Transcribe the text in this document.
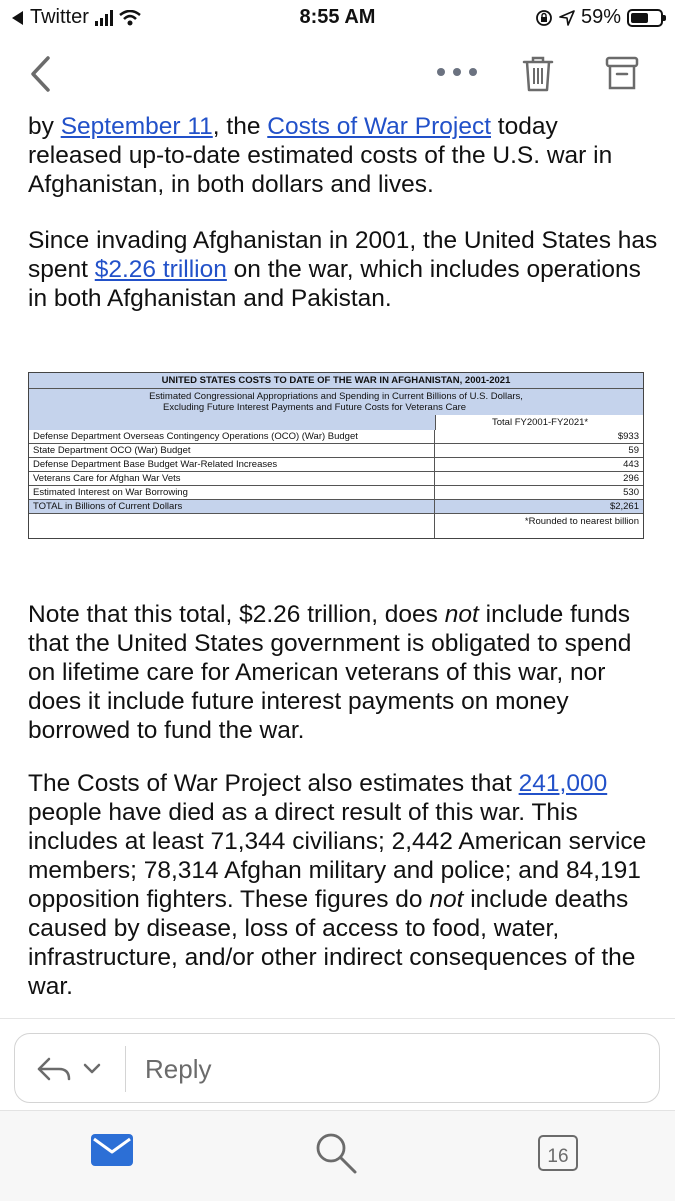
Twitter	8:55 AM	59%

by September 11, the Costs of War Project today released up-to-date estimated costs of the U.S. war in Afghanistan, in both dollars and lives.

Since invading Afghanistan in 2001, the United States has spent $2.26 trillion on the war, which includes operations in both Afghanistan and Pakistan.

UNITED STATES COSTS TO DATE OF THE WAR IN AFGHANISTAN, 2001-2021
Estimated Congressional Appropriations and Spending in Current Billions of U.S. Dollars,
Excluding Future Interest Payments and Future Costs for Veterans Care
Total FY2001-FY2021*
Defense Department Overseas Contingency Operations (OCO) (War) Budget	$933
State Department OCO (War) Budget	59
Defense Department Base Budget War-Related Increases	443
Veterans Care for Afghan War Vets	296
Estimated Interest on War Borrowing	530
TOTAL in Billions of Current Dollars	$2,261
*Rounded to nearest billion

Note that this total, $2.26 trillion, does not include funds that the United States government is obligated to spend on lifetime care for American veterans of this war, nor does it include future interest payments on money borrowed to fund the war.

The Costs of War Project also estimates that 241,000 people have died as a direct result of this war. This includes at least 71,344 civilians; 2,442 American service members; 78,314 Afghan military and police; and 84,191 opposition fighters. These figures do not include deaths caused by disease, loss of access to food, water, infrastructure, and/or other indirect consequences of the war.

Reply
16
